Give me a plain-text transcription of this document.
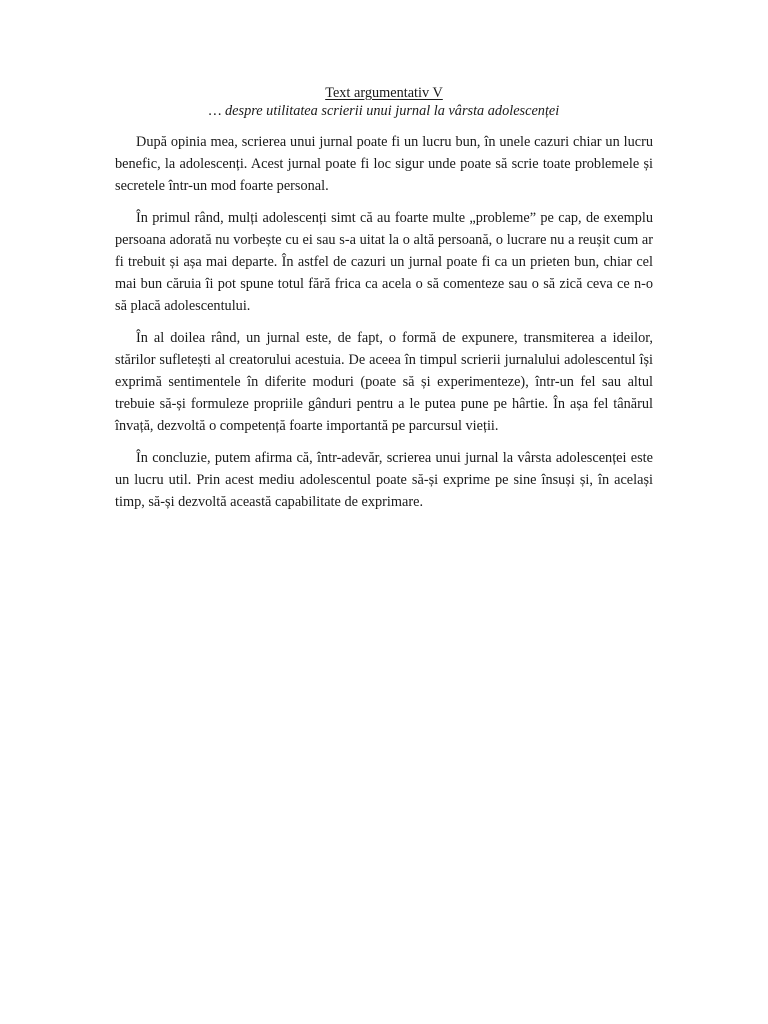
Text argumentativ V

… despre utilitatea scrierii unui jurnal la vârsta adolescenței

După opinia mea, scrierea unui jurnal poate fi un lucru bun, în unele cazuri chiar un lucru benefic, la adolescenți. Acest jurnal poate fi loc sigur unde poate să scrie toate problemele și secretele într-un mod foarte personal.

În primul rând, mulți adolescenți simt că au foarte multe „probleme” pe cap, de exemplu persoana adorată nu vorbește cu ei sau s-a uitat la o altă persoană, o lucrare nu a reușit cum ar fi trebuit și așa mai departe. În astfel de cazuri un jurnal poate fi ca un prieten bun, chiar cel mai bun căruia îi pot spune totul fără frica ca acela o să comenteze sau o să zică ceva ce n-o să placă adolescentului.

În al doilea rând, un jurnal este, de fapt, o formă de expunere, transmiterea a ideilor, stărilor sufletești al creatorului acestuia. De aceea în timpul scrierii jurnalului adolescentul își exprimă sentimentele în diferite moduri (poate să și experimenteze), într-un fel sau altul trebuie să-și formuleze propriile gânduri pentru a le putea pune pe hârtie. În așa fel tânărul învață, dezvoltă o competență foarte importantă pe parcursul vieții.

În concluzie, putem afirma că, într-adevăr, scrierea unui jurnal la vârsta adolescenței este un lucru util. Prin acest mediu adolescentul poate să-și exprime pe sine însuși și, în același timp, să-și dezvoltă această capabilitate de exprimare.
